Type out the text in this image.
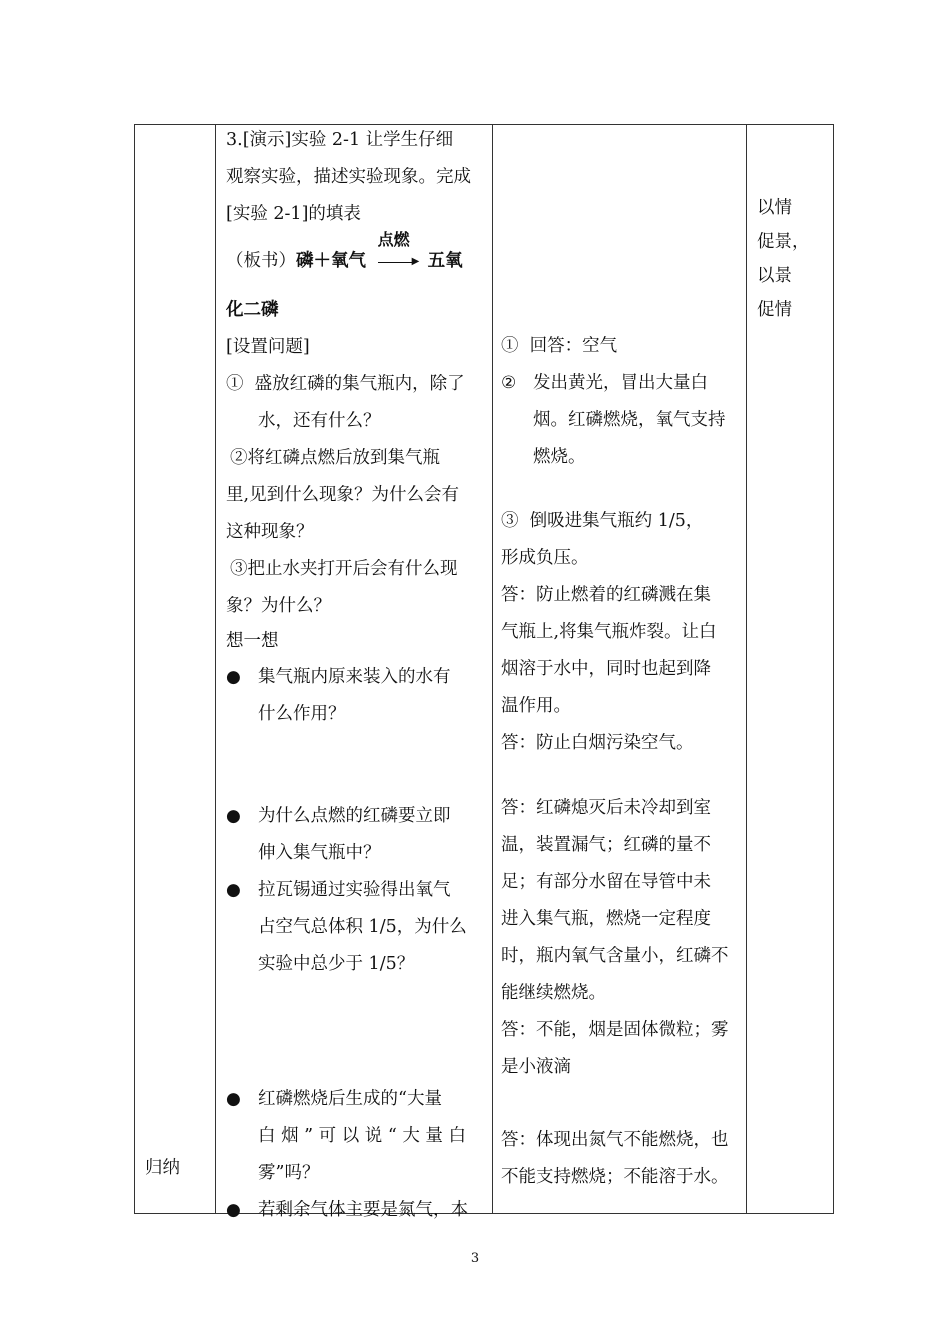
归纳

3.[演示]实验 2-1 让学生仔细

观察实验，描述实验现象。完成

[实验 2-1]的填表

（板书）磷＋氧气
点燃
▶ 五氧

化二磷

[设置问题]

① 盛放红磷的集气瓶内，除了

水，还有什么？

②将红磷点燃后放到集气瓶

里,见到什么现象？为什么会有

这种现象？

③把止水夹打开后会有什么现

象？为什么？

想一想

● 集气瓶内原来装入的水有

什么作用？

● 为什么点燃的红磷要立即

伸入集气瓶中？

● 拉瓦锡通过实验得出氧气

占空气总体积 1/5，为什么

实验中总少于 1/5？

● 红磷燃烧后生成的“大量

白 烟 ” 可 以 说 “ 大 量 白

雾”吗？

● 若剩余气体主要是氮气，本

① 回答：空气

② 发出黄光，冒出大量白

烟。红磷燃烧，氧气支持

燃烧。

③ 倒吸进集气瓶约 1/5，

形成负压。

答：防止燃着的红磷溅在集

气瓶上,将集气瓶炸裂。让白

烟溶于水中，同时也起到降

温作用。

答：防止白烟污染空气。

答：红磷熄灭后未冷却到室

温，装置漏气；红磷的量不

足；有部分水留在导管中未

进入集气瓶，燃烧一定程度

时，瓶内氧气含量小，红磷不

能继续燃烧。

答：不能，烟是固体微粒；雾

是小液滴

答：体现出氮气不能燃烧，也

不能支持燃烧；不能溶于水。

以情

促景，

以景

促情

3
